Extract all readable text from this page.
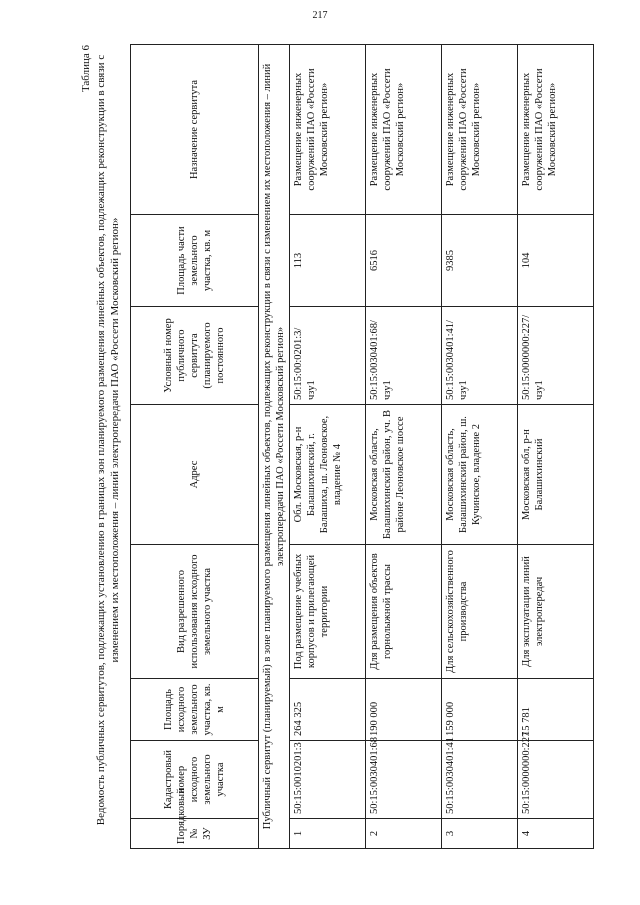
217
Таблица 6 Ведомость публичных сервитутов, подлежащих установлению в границах зон планируемого размещения линейных объектов, подлежащих реконструкции в связи с изменением их местоположения – линий электропередачи ПАО «Россети Московский регион»
Порядковый № ЗУ	Кадастровый номер исходного земельного участка	Площадь исходного земельного участка, кв. м	Вид разрешенного использования исходного земельного участка	Адрес	Условный номер публичного сервитута (планируемого постоянного	Площадь части земельного участка, кв. м	Назначение сервитута
Публичный сервитут (планируемый) в зоне планируемого размещения линейных объектов, подлежащих реконструкции в связи с изменением их местоположения – линий электропередачи ПАО «Россети Московский регион»							
1	50:15:0010201:3	264 325	Под размещение учебных корпусов и прилегающей территории	Обл. Московская, р-н Балашихинский, г. Балашиха, ш. Леоновское, владение № 4	50:15:00:0201:3/чзу1	113	Размещение инженерных сооружений ПАО «Россети Московский регион»
2	50:15:0030401:68	190 000	Для размещения объектов горнолыжной трассы	Московская область, Балашихинский район, уч. В районе Леоновское шоссе	50:15:0030401:68/чзу1	6516	Размещение инженерных сооружений ПАО «Россети Московский регион»
3	50:15:0030401:41	159 000	Для сельскохозяйственного производства	Московская область, Балашихинский район, ш. Кучинское, владение 2	50:15:0030401:41/чзу1	9385	Размещение инженерных сооружений ПАО «Россети Московский регион»
4	50:15:0000000:227	15 781	Для эксплуатации линий электропередач	Московская обл, р-н Балашихинский	50:15:0000000:227/чзу1	104	Размещение инженерных сооружений ПАО «Россети Московский регион»
